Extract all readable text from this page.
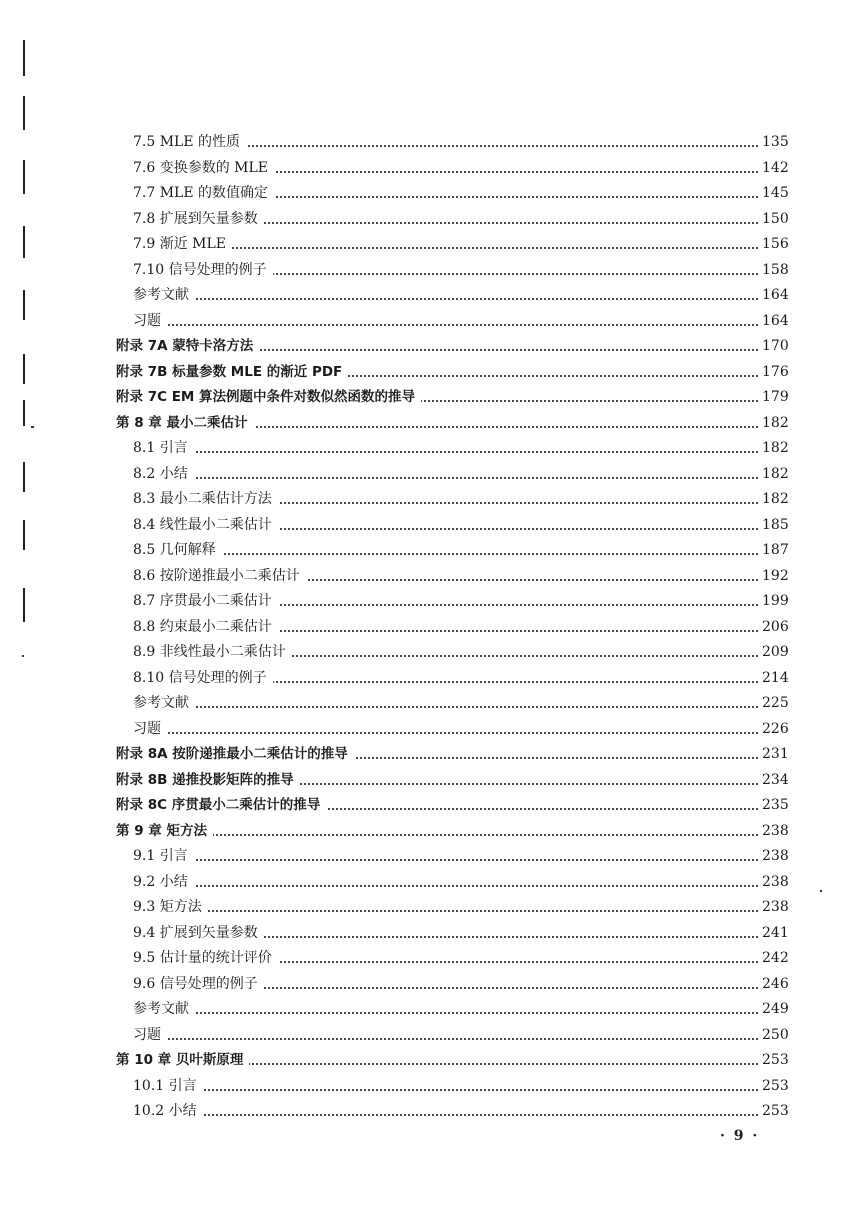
7.5 MLE 的性质	135
7.6 变换参数的 MLE	142
7.7 MLE 的数值确定	145
7.8 扩展到矢量参数	150
7.9 渐近 MLE	156
7.10 信号处理的例子	158
参考文献	164
习题	164
附录 7A 蒙特卡洛方法	170
附录 7B 标量参数 MLE 的渐近 PDF	176
附录 7C EM 算法例题中条件对数似然函数的推导	179
第 8 章 最小二乘估计	182
8.1 引言	182
8.2 小结	182
8.3 最小二乘估计方法	182
8.4 线性最小二乘估计	185
8.5 几何解释	187
8.6 按阶递推最小二乘估计	192
8.7 序贯最小二乘估计	199
8.8 约束最小二乘估计	206
8.9 非线性最小二乘估计	209
8.10 信号处理的例子	214
参考文献	225
习题	226
附录 8A 按阶递推最小二乘估计的推导	231
附录 8B 递推投影矩阵的推导	234
附录 8C 序贯最小二乘估计的推导	235
第 9 章 矩方法	238
9.1 引言	238
9.2 小结	238
9.3 矩方法	238
9.4 扩展到矢量参数	241
9.5 估计量的统计评价	242
9.6 信号处理的例子	246
参考文献	249
习题	250
第 10 章 贝叶斯原理	253
10.1 引言	253
10.2 小结	253
· 9 ·
